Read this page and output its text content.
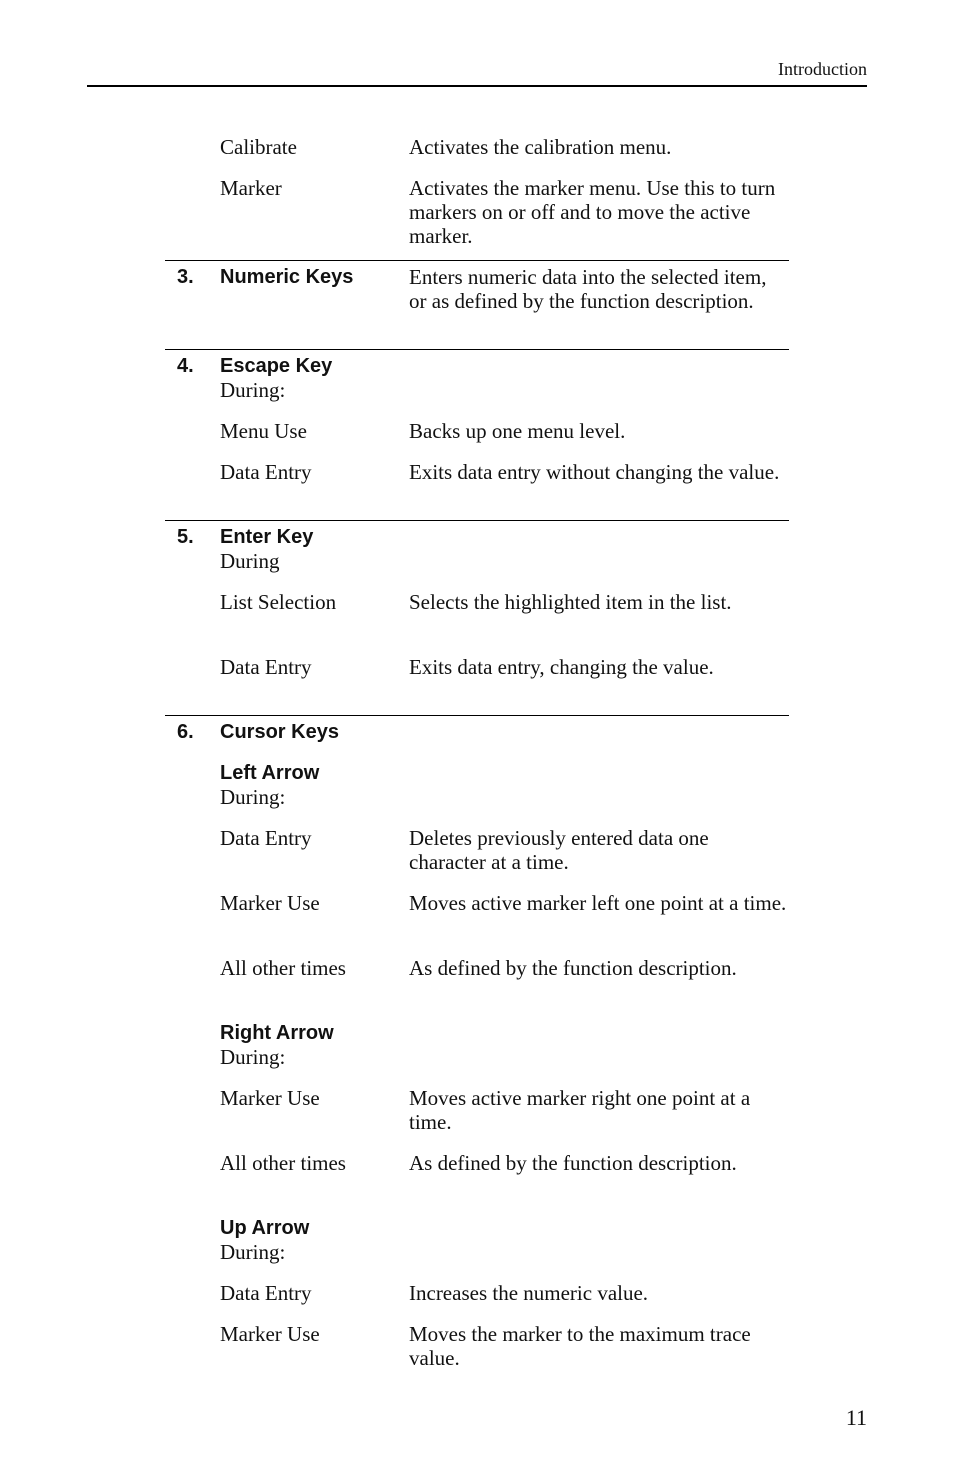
Introduction
Calibrate	Activates the calibration menu.
Marker	Activates the marker menu. Use this to turn markers on or off and to move the active marker.
3. Numeric Keys	Enters numeric data into the selected item, or as defined by the function description.
4. Escape Key
During:
Menu Use	Backs up one menu level.
Data Entry	Exits data entry without changing the value.
5. Enter Key
During
List Selection	Selects the highlighted item in the list.
Data Entry	Exits data entry, changing the value.
6. Cursor Keys
Left Arrow
During:
Data Entry	Deletes previously entered data one character at a time.
Marker Use	Moves active marker left one point at a time.
All other times	As defined by the function description.
Right Arrow
During:
Marker Use	Moves active marker right one point at a time.
All other times	As defined by the function description.
Up Arrow
During:
Data Entry	Increases the numeric value.
Marker Use	Moves the marker to the maximum trace value.
11
